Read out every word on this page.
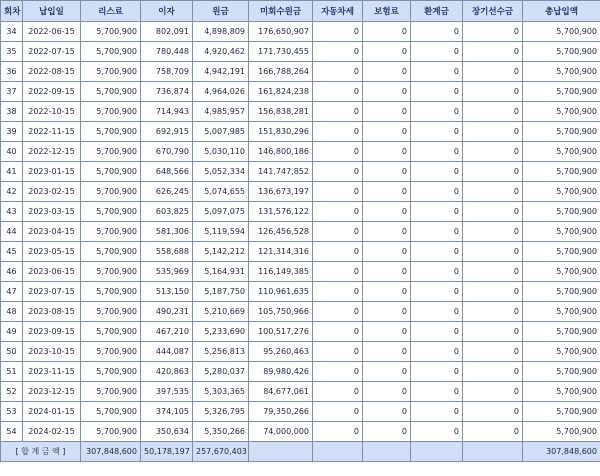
회차	납입일	리스료	이자	원금	미회수원금	자동차세	보험료	환계금	장기선수금	총납입액
34	2022-06-15	5,700,900	802,091	4,898,809	176,650,907	0	0	0	0	5,700,900
35	2022-07-15	5,700,900	780,448	4,920,462	171,730,455	0	0	0	0	5,700,900
36	2022-08-15	5,700,900	758,709	4,942,191	166,788,264	0	0	0	0	5,700,900
37	2022-09-15	5,700,900	736,874	4,964,026	161,824,238	0	0	0	0	5,700,900
38	2022-10-15	5,700,900	714,943	4,985,957	156,838,281	0	0	0	0	5,700,900
39	2022-11-15	5,700,900	692,915	5,007,985	151,830,296	0	0	0	0	5,700,900
40	2022-12-15	5,700,900	670,790	5,030,110	146,800,186	0	0	0	0	5,700,900
41	2023-01-15	5,700,900	648,566	5,052,334	141,747,852	0	0	0	0	5,700,900
42	2023-02-15	5,700,900	626,245	5,074,655	136,673,197	0	0	0	0	5,700,900
43	2023-03-15	5,700,900	603,825	5,097,075	131,576,122	0	0	0	0	5,700,900
44	2023-04-15	5,700,900	581,306	5,119,594	126,456,528	0	0	0	0	5,700,900
45	2023-05-15	5,700,900	558,688	5,142,212	121,314,316	0	0	0	0	5,700,900
46	2023-06-15	5,700,900	535,969	5,164,931	116,149,385	0	0	0	0	5,700,900
47	2023-07-15	5,700,900	513,150	5,187,750	110,961,635	0	0	0	0	5,700,900
48	2023-08-15	5,700,900	490,231	5,210,669	105,750,966	0	0	0	0	5,700,900
49	2023-09-15	5,700,900	467,210	5,233,690	100,517,276	0	0	0	0	5,700,900
50	2023-10-15	5,700,900	444,087	5,256,813	95,260,463	0	0	0	0	5,700,900
51	2023-11-15	5,700,900	420,863	5,280,037	89,980,426	0	0	0	0	5,700,900
52	2023-12-15	5,700,900	397,535	5,303,365	84,677,061	0	0	0	0	5,700,900
53	2024-01-15	5,700,900	374,105	5,326,795	79,350,266	0	0	0	0	5,700,900
54	2024-02-15	5,700,900	350,634	5,350,266	74,000,000	0	0	0	0	5,700,900
[ 합 계 금 액 ]		307,848,600	50,178,197	257,670,403						307,848,600
